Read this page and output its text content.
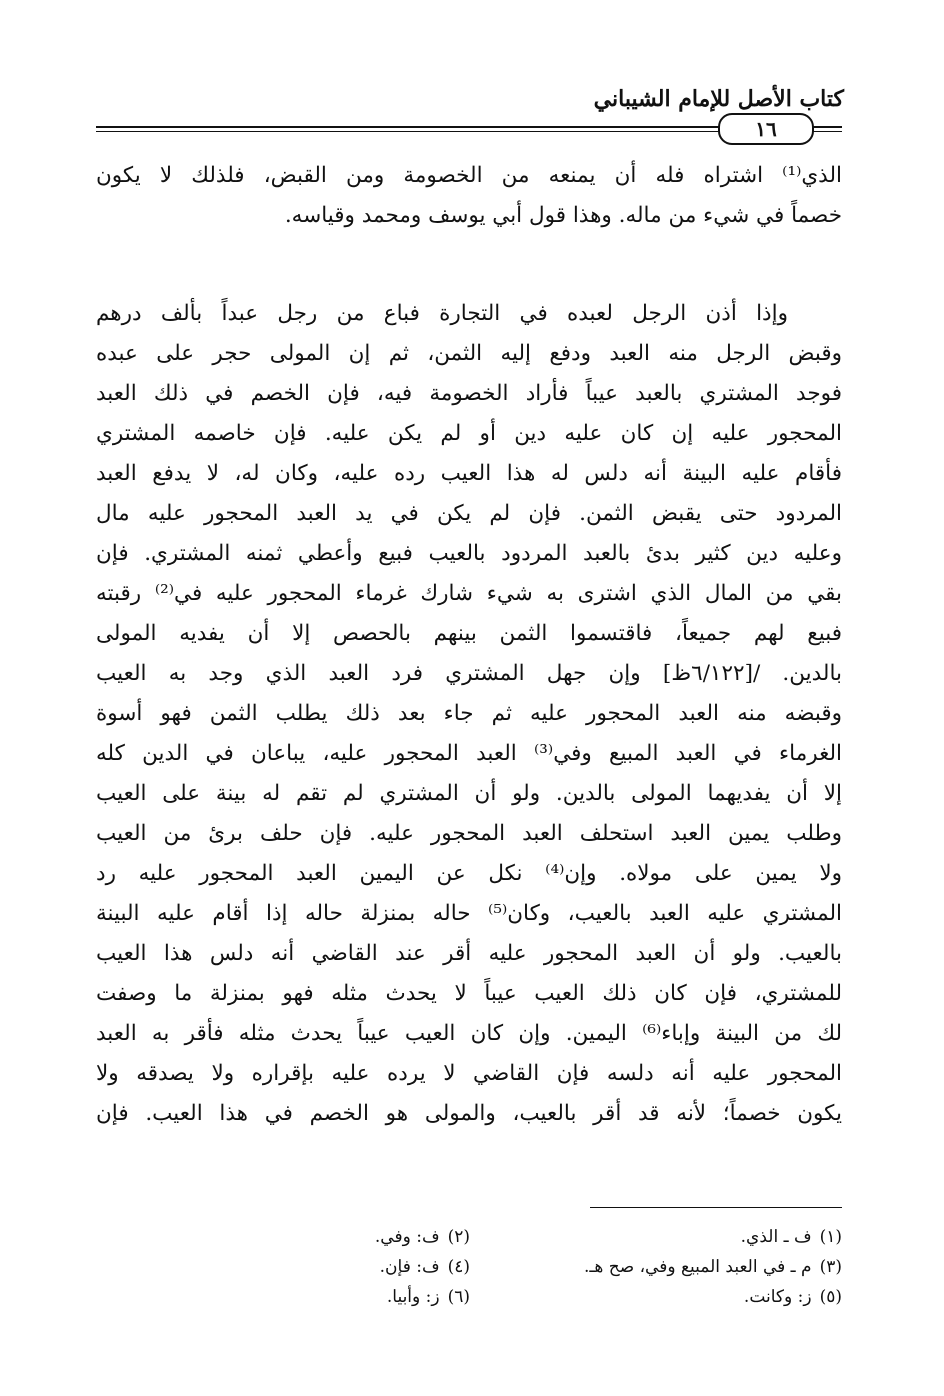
كتاب الأصل للإمام الشيباني
١٦
الذي⁽¹⁾ اشتراه فله أن يمنعه من الخصومة ومن القبض، فلذلك لا يكون
خصماً في شيء من ماله. وهذا قول أبي يوسف ومحمد وقياسه.
وإذا أذن الرجل لعبده في التجارة فباع من رجل عبداً بألف درهم
وقبض الرجل منه العبد ودفع إليه الثمن، ثم إن المولى حجر على عبده
فوجد المشتري بالعبد عيباً فأراد الخصومة فيه، فإن الخصم في ذلك العبد
المحجور عليه إن كان عليه دين أو لم يكن عليه. فإن خاصمه المشتري
فأقام عليه البينة أنه دلس له هذا العيب رده عليه، وكان له، لا يدفع العبد
المردود حتى يقبض الثمن. فإن لم يكن في يد العبد المحجور عليه مال
وعليه دين كثير بدئ بالعبد المردود بالعيب فبيع وأعطي ثمنه المشتري. فإن
بقي من المال الذي اشترى به شيء شارك غرماء المحجور عليه في⁽²⁾ رقبته
فبيع لهم جميعاً، فاقتسموا الثمن بينهم بالحصص إلا أن يفديه المولى
بالدين. /[٦/١٢٢ظ] وإن جهل المشتري فرد العبد الذي وجد به العيب
وقبضه منه العبد المحجور عليه ثم جاء بعد ذلك يطلب الثمن فهو أسوة
الغرماء في العبد المبيع وفي⁽³⁾ العبد المحجور عليه، يباعان في الدين كله
إلا أن يفديهما المولى بالدين. ولو أن المشتري لم تقم له بينة على العيب
وطلب يمين العبد استحلف العبد المحجور عليه. فإن حلف برئ من العيب
ولا يمين على مولاه. وإن⁽⁴⁾ نكل عن اليمين العبد المحجور عليه رد
المشتري عليه العبد بالعيب، وكان⁽⁵⁾ حاله بمنزلة حاله إذا أقام عليه البينة
بالعيب. ولو أن العبد المحجور عليه أقر عند القاضي أنه دلس هذا العيب
للمشتري، فإن كان ذلك العيب عيباً لا يحدث مثله فهو بمنزلة ما وصفت
لك من البينة وإباء⁽⁶⁾ اليمين. وإن كان العيب عيباً يحدث مثله فأقر به العبد
المحجور عليه أنه دلسه فإن القاضي لا يرده عليه بإقراره ولا يصدقه ولا
يكون خصماً؛ لأنه قد أقر بالعيب، والمولى هو الخصم في هذا العيب. فإن
(١)ف ـ الذي.
(٢)ف: وفي.
(٣)م ـ في العبد المبيع وفي، صح هـ.
(٤)ف: فإن.
(٥)ز: وكانت.
(٦)ز: وأبيا.
